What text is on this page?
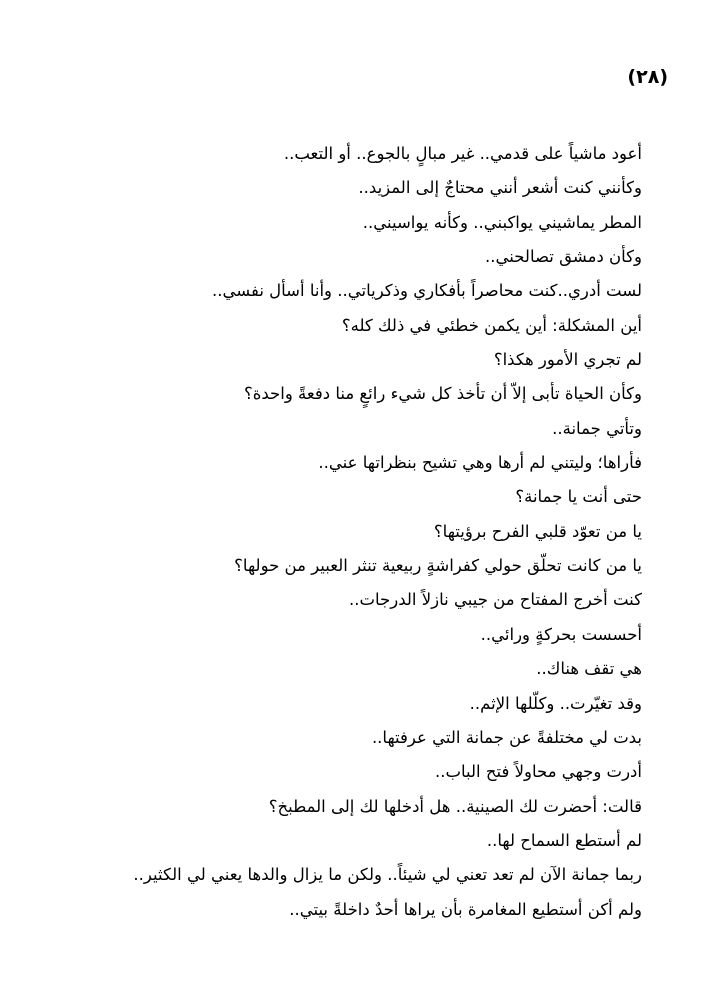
(٢٨)
أعود ماشياً على قدمي.. غير مبالٍ بالجوع.. أو التعب..
وكأنني كنت أشعر أنني محتاجٌ إلى المزيد..
المطر يماشيني يواكبني.. وكأنه يواسيني..
وكأن دمشق تصالحني..
لست أدري..كنت محاصراً بأفكاري وذكرياتي.. وأنا أسأل نفسي..
أين المشكلة: أين يكمن خطئي في ذلك كله؟
لم تجري الأمور هكذا؟
وكأن الحياة تأبى إلاّ أن تأخذ كل شيء رائعٍ منا دفعةً واحدة؟
وتأتي جمانة..
فأراها؛ وليتني لم أرها وهي تشيح بنظراتها عني..
حتى أنت يا جمانة؟
يا من تعوّد قلبي الفرح برؤيتها؟
يا من كانت تحلّق حولي كفراشةٍ ربيعية تنثر العبير من حولها؟
كنت أخرج المفتاح من جيبي نازلاً الدرجات..
أحسست بحركةٍ ورائي..
هي تقف هناك..
وقد تغيّرت.. وكلّلها الإثم..
بدت لي مختلفةً عن جمانة التي عرفتها..
أدرت وجهي محاولاً فتح الباب..
قالت: أحضرت لك الصينية.. هل أدخلها لك إلى المطبخ؟
لم أستطع السماح لها..
ربما جمانة الآن لم تعد تعني لي شيئاً.. ولكن ما يزال والدها يعني لي الكثير..
ولم أكن أستطيع المغامرة بأن يراها أحدٌ داخلةً بيتي..
